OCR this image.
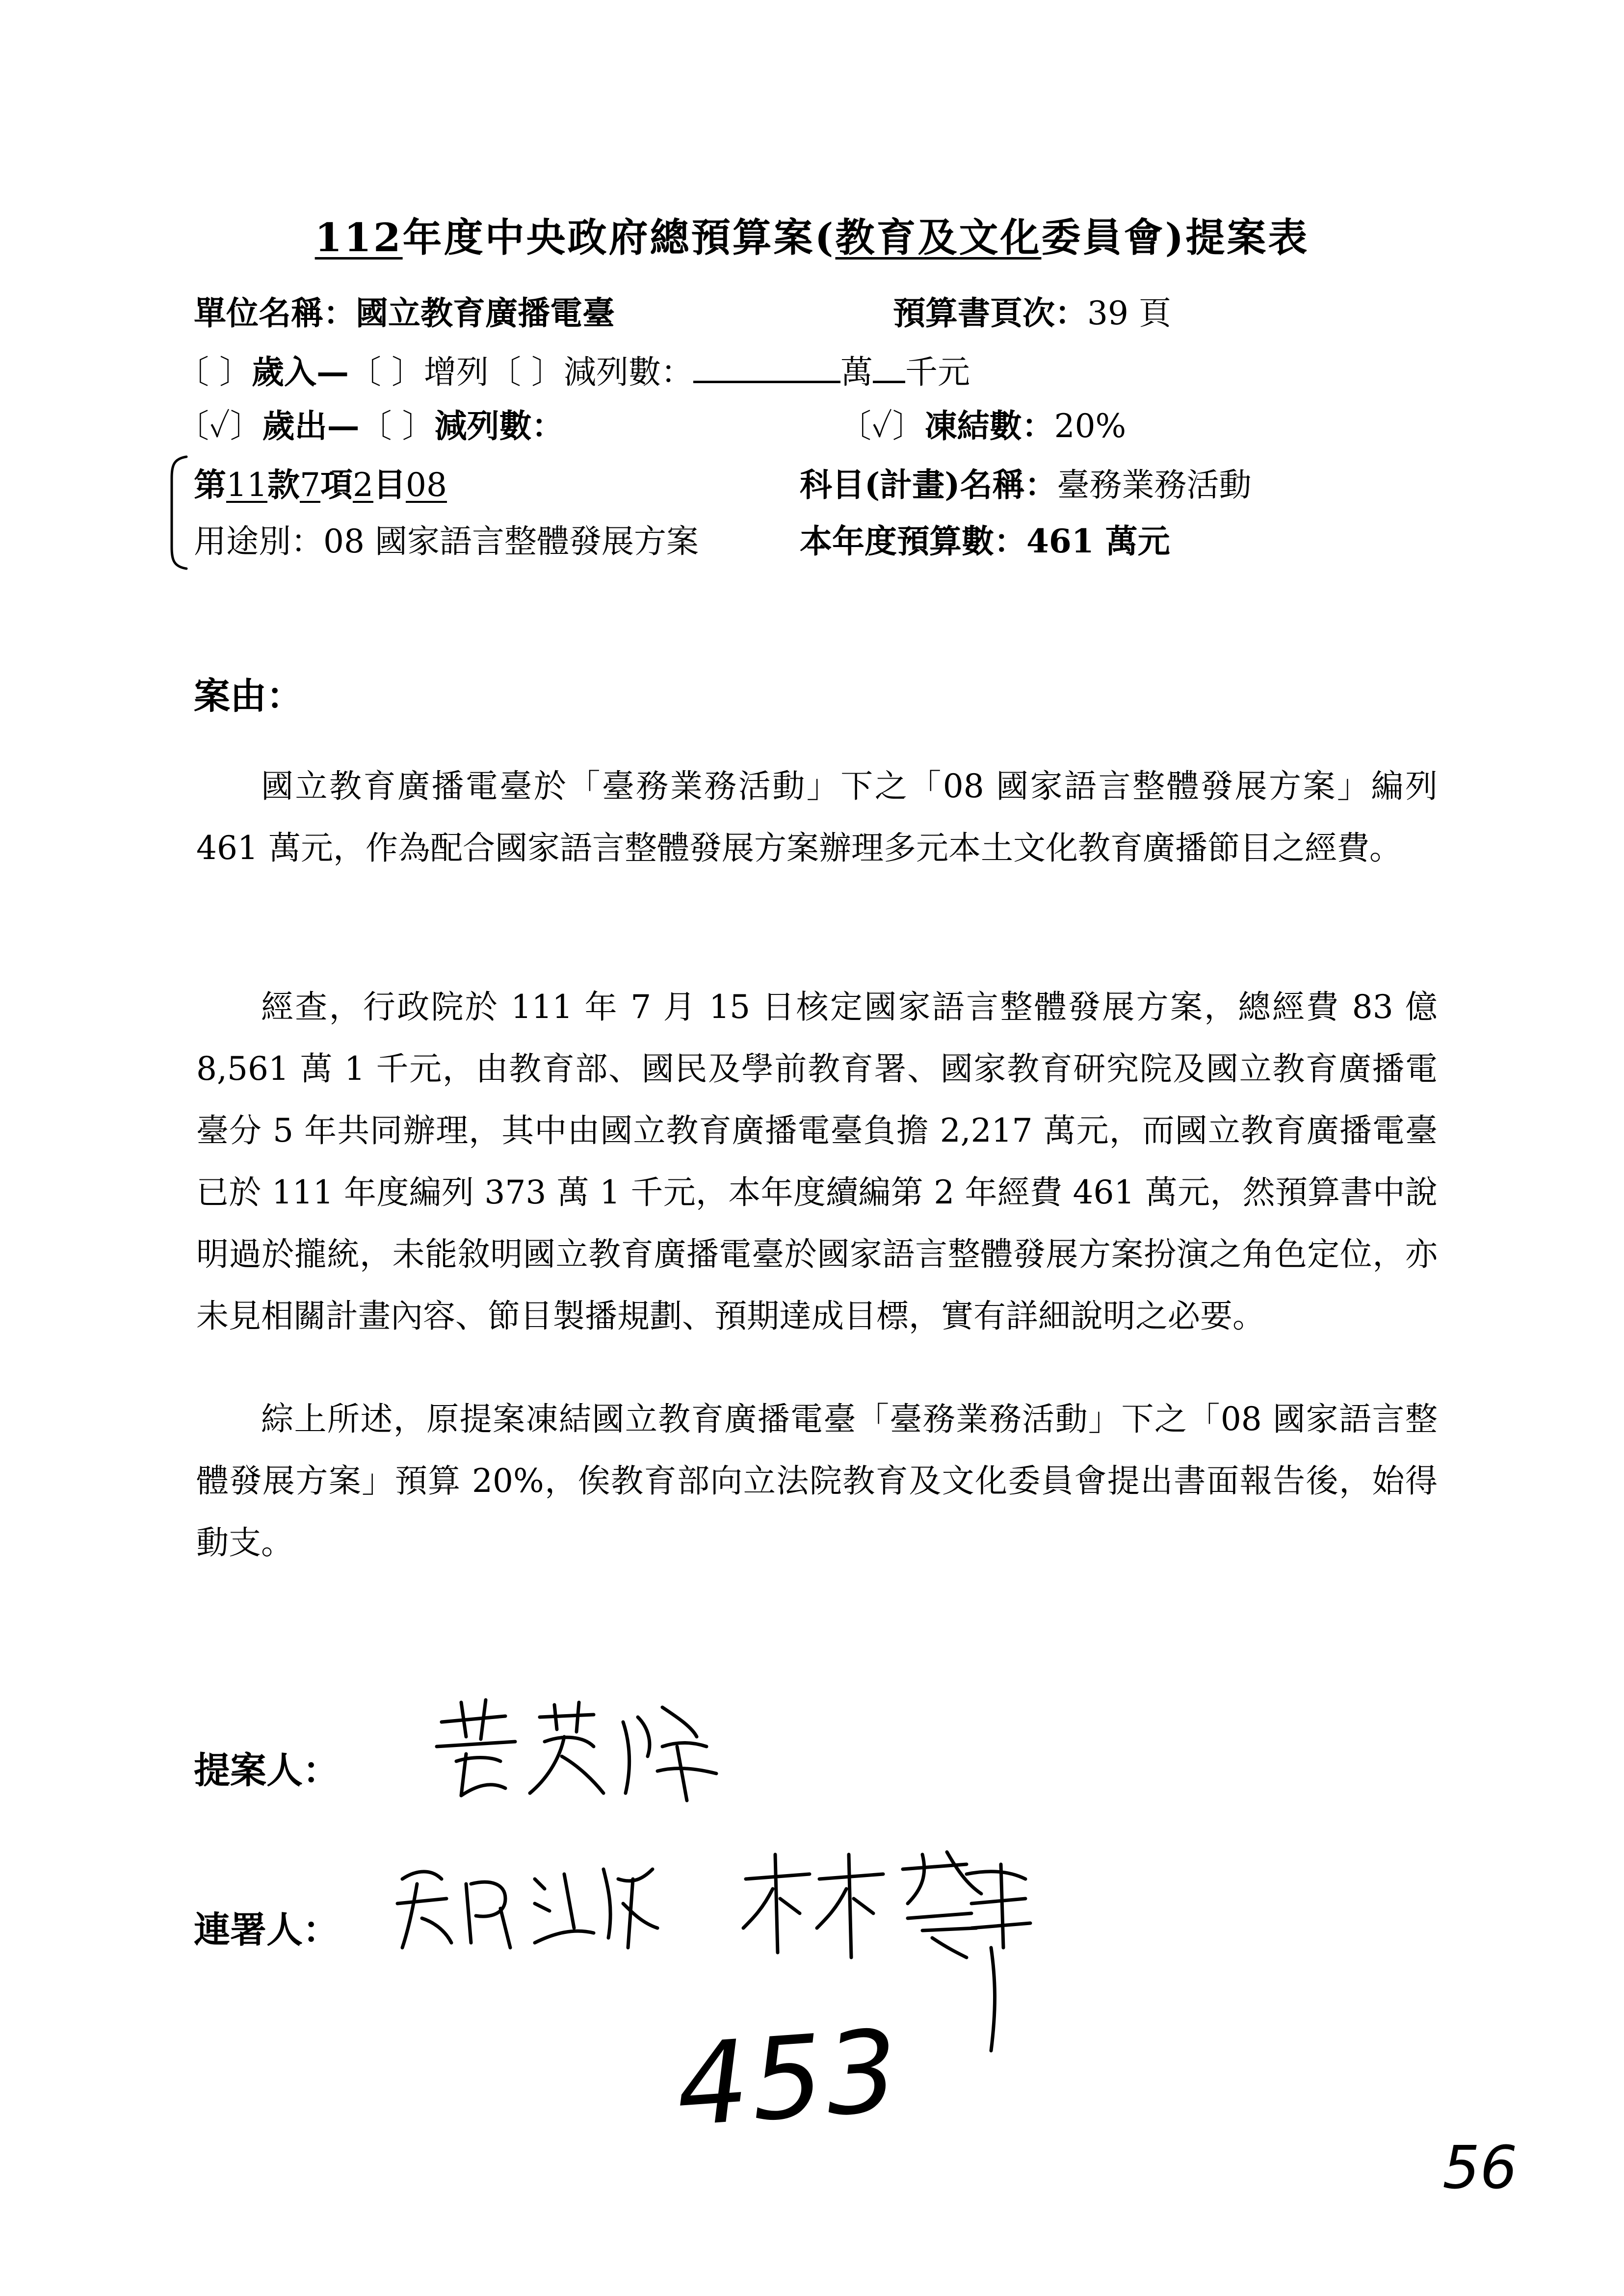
112年度中央政府總預算案(教育及文化委員會)提案表
單位名稱：國立教育廣播電臺	預算書頁次：39 頁
〔 〕歲入—〔 〕增列〔 〕減列數：	萬 千元
〔✓〕歲出—〔 〕減列數：	〔✓〕凍結數：20%
第11款7項2目08	科目(計畫)名稱：臺務業務活動
用途別：08 國家語言整體發展方案	本年度預算數：461 萬元
案由：

國立教育廣播電臺於「臺務業務活動」下之「08 國家語言整體發展方案」編列 461 萬元，作為配合國家語言整體發展方案辦理多元本土文化教育廣播節目之經費。

經查，行政院於 111 年 7 月 15 日核定國家語言整體發展方案，總經費 83 億 8,561 萬 1 千元，由教育部、國民及學前教育署、國家教育研究院及國立教育廣播電臺分 5 年共同辦理，其中由國立教育廣播電臺負擔 2,217 萬元，而國立教育廣播電臺已於 111 年度編列 373 萬 1 千元，本年度續編第 2 年經費 461 萬元，然預算書中說明過於攏統，未能敘明國立教育廣播電臺於國家語言整體發展方案扮演之角色定位，亦未見相關計畫內容、節目製播規劃、預期達成目標，實有詳細說明之必要。

綜上所述，原提案凍結國立教育廣播電臺「臺務業務活動」下之「08 國家語言整體發展方案」預算 20%，俟教育部向立法院教育及文化委員會提出書面報告後，始得動支。

提案人：
連署人：
453
56
